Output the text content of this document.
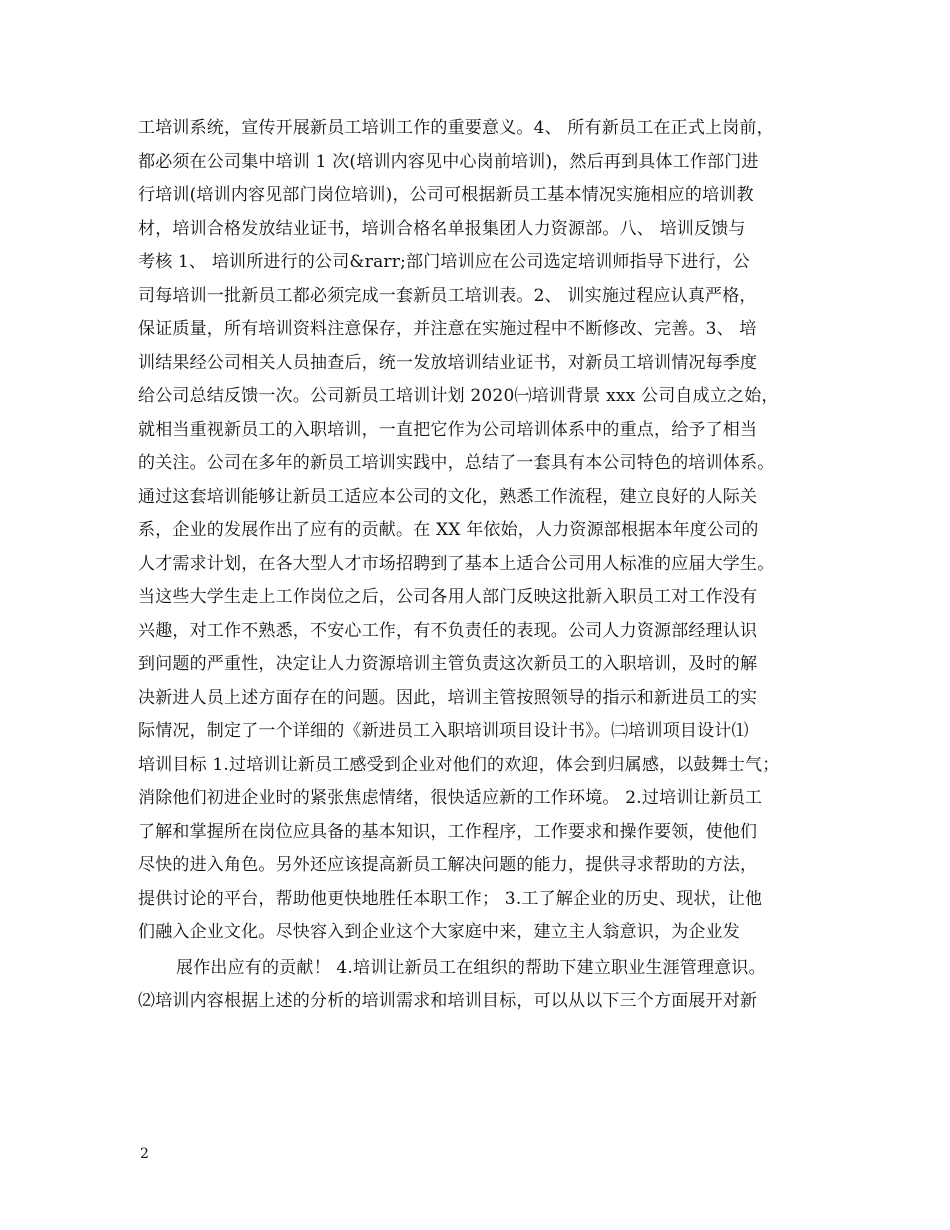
工培训系统，宣传开展新员工培训工作的重要意义。4、 所有新员工在正式上岗前，
都必须在公司集中培训 1 次(培训内容见中心岗前培训)，然后再到具体工作部门进
行培训(培训内容见部门岗位培训)，公司可根据新员工基本情况实施相应的培训教
材，培训合格发放结业证书，培训合格名单报集团人力资源部。八、 培训反馈与
考核 1、 培训所进行的公司&rarr;部门培训应在公司选定培训师指导下进行，公
司每培训一批新员工都必须完成一套新员工培训表。2、 训实施过程应认真严格，
保证质量，所有培训资料注意保存，并注意在实施过程中不断修改、完善。3、 培
训结果经公司相关人员抽查后，统一发放培训结业证书，对新员工培训情况每季度
给公司总结反馈一次。公司新员工培训计划 2020㈠培训背景 xxx 公司自成立之始，
就相当重视新员工的入职培训，一直把它作为公司培训体系中的重点，给予了相当
的关注。公司在多年的新员工培训实践中，总结了一套具有本公司特色的培训体系。
通过这套培训能够让新员工适应本公司的文化，熟悉工作流程，建立良好的人际关
系，企业的发展作出了应有的贡献。在 XX 年依始，人力资源部根据本年度公司的
人才需求计划，在各大型人才市场招聘到了基本上适合公司用人标准的应届大学生。
当这些大学生走上工作岗位之后，公司各用人部门反映这批新入职员工对工作没有
兴趣，对工作不熟悉，不安心工作，有不负责任的表现。公司人力资源部经理认识
到问题的严重性，决定让人力资源培训主管负责这次新员工的入职培训，及时的解
决新进人员上述方面存在的问题。因此，培训主管按照领导的指示和新进员工的实
际情况，制定了一个详细的《新进员工入职培训项目设计书》。㈡培训项目设计⑴
培训目标 1.过培训让新员工感受到企业对他们的欢迎，体会到归属感，以鼓舞士气；
消除他们初进企业时的紧张焦虑情绪，很快适应新的工作环境。 2.过培训让新员工
了解和掌握所在岗位应具备的基本知识，工作程序，工作要求和操作要领，使他们
尽快的进入角色。另外还应该提高新员工解决问题的能力，提供寻求帮助的方法，
提供讨论的平台，帮助他更快地胜任本职工作； 3.工了解企业的历史、现状，让他
们融入企业文化。尽快容入到企业这个大家庭中来，建立主人翁意识，为企业发
展作出应有的贡献！ 4.培训让新员工在组织的帮助下建立职业生涯管理意识。
⑵培训内容根据上述的分析的培训需求和培训目标，可以从以下三个方面展开对新
2
